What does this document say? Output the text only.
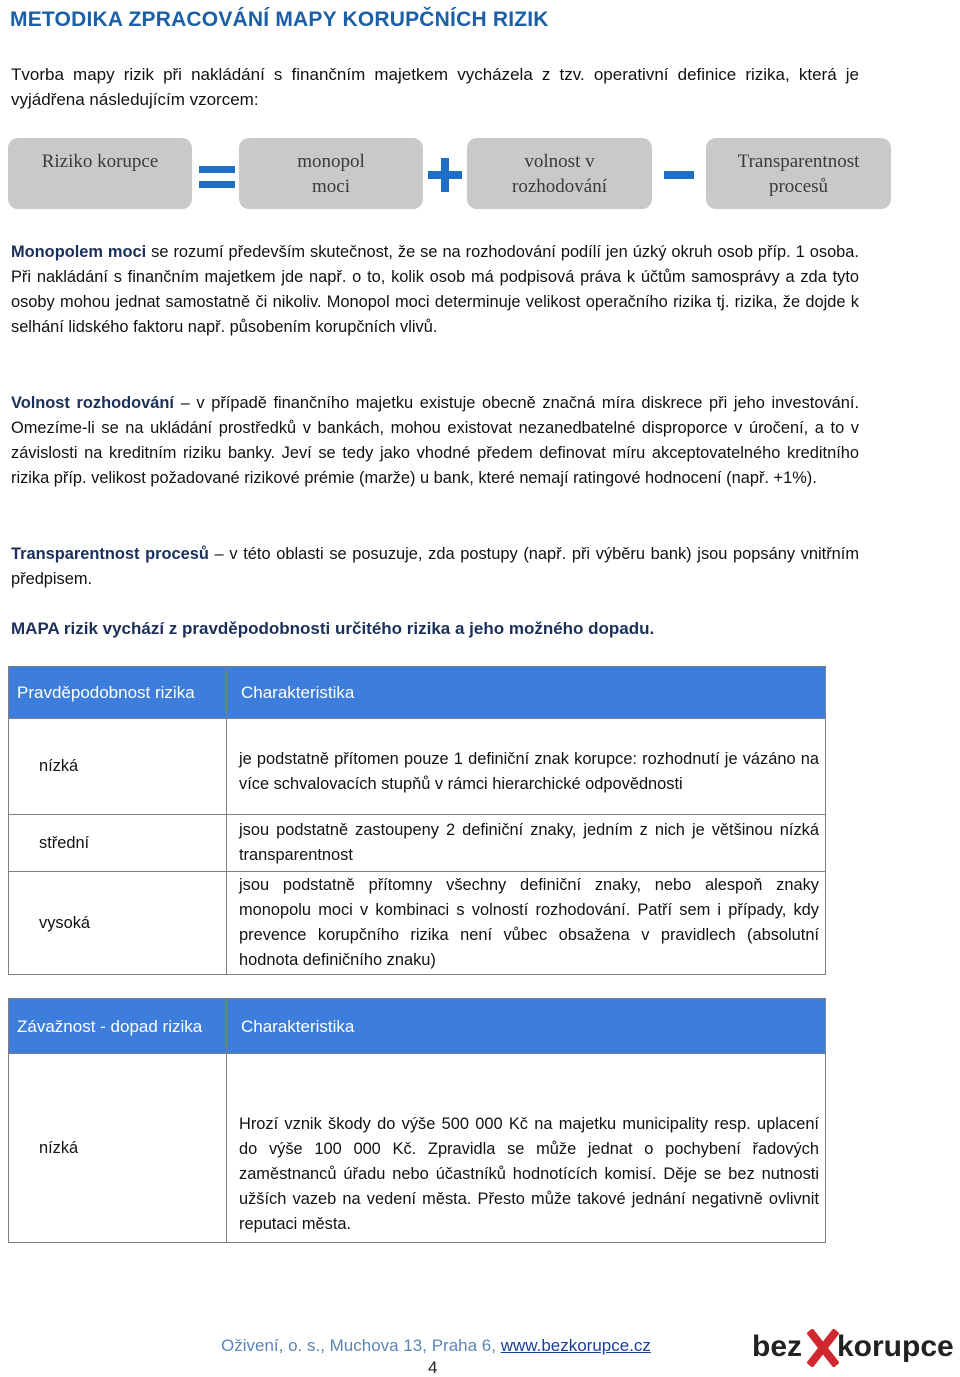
METODIKA ZPRACOVÁNÍ MAPY KORUPČNÍCH RIZIK
Tvorba mapy rizik při nakládání s finančním majetkem vycházela z tzv. operativní definice rizika, která je vyjádřena následujícím vzorcem:
Riziko korupce	monopol
moci
volnost v
rozhodování
Transparentnost
procesů
Monopolem moci se rozumí především skutečnost, že se na rozhodování podílí jen úzký okruh osob příp. 1 osoba. Při nakládání s finančním majetkem jde např. o to, kolik osob má podpisová práva k účtům samosprávy a zda tyto osoby mohou jednat samostatně či nikoliv. Monopol moci determinuje velikost operačního rizika tj. rizika, že dojde k selhání lidského faktoru např. působením korupčních vlivů.
Volnost rozhodování – v případě finančního majetku existuje obecně značná míra diskrece při jeho investování. Omezíme-li se na ukládání prostředků v bankách, mohou existovat nezanedbatelné disproporce v úročení, a to v závislosti na kreditním riziku banky. Jeví se tedy jako vhodné předem definovat míru akceptovatelného kreditního rizika příp. velikost požadované rizikové prémie (marže) u bank, které nemají ratingové hodnocení (např. +1%).
Transparentnost procesů – v této oblasti se posuzuje, zda postupy (např. při výběru bank) jsou popsány vnitřním předpisem.
MAPA rizik vychází z pravděpodobnosti určitého rizika a jeho možného dopadu.
Pravděpodobnost rizika	Charakteristika
nízká	je podstatně přítomen pouze 1 definiční znak korupce: rozhodnutí je vázáno na více schvalovacích stupňů v rámci hierarchické odpovědnosti
střední	jsou podstatně zastoupeny 2 definiční znaky, jedním z nich je většinou nízká transparentnost
vysoká	jsou podstatně přítomny všechny definiční znaky, nebo alespoň znaky monopolu moci v kombinaci s volností rozhodování. Patří sem i případy, kdy prevence korupčního rizika není vůbec obsažena v pravidlech (absolutní hodnota definičního znaku)
Závažnost - dopad rizika	Charakteristika
nízká	Hrozí vznik škody do výše 500 000 Kč na majetku municipality resp. uplacení do výše 100 000 Kč. Zpravidla se může jednat o pochybení řadových zaměstnanců úřadu nebo účastníků hodnotících komisí. Děje se bez nutnosti užších vazeb na vedení města. Přesto může takové jednání negativně ovlivnit reputaci města.
Oživení, o. s., Muchova 13, Praha 6, www.bezkorupce.cz
4
bez korupce
